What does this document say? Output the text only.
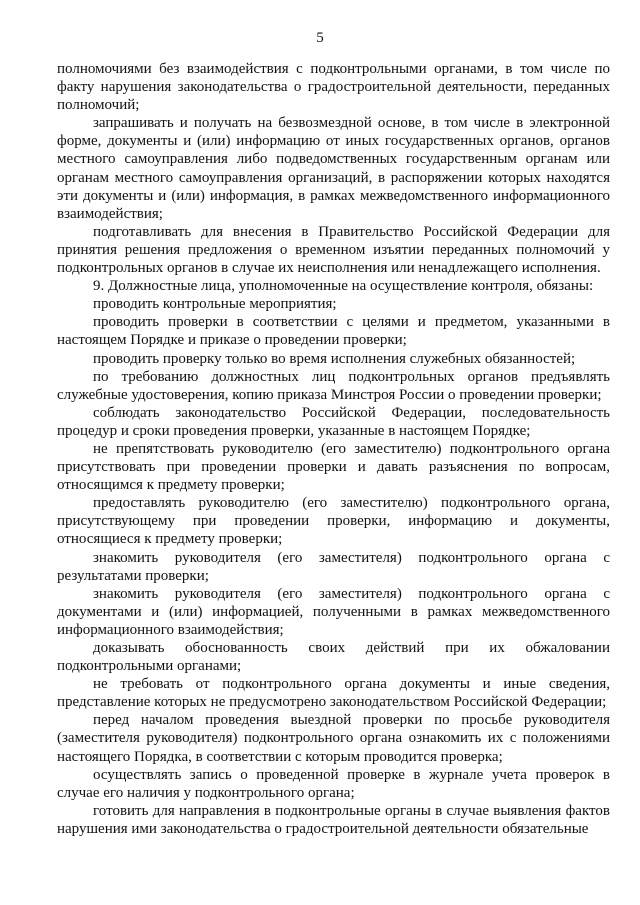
5

полномочиями без взаимодействия с подконтрольными органами, в том числе по факту нарушения законодательства о градостроительной деятельности, переданных полномочий;

запрашивать и получать на безвозмездной основе, в том числе в электронной форме, документы и (или) информацию от иных государственных органов, органов местного самоуправления либо подведомственных государственным органам или органам местного самоуправления организаций, в распоряжении которых находятся эти документы и (или) информация, в рамках межведомственного информационного взаимодействия;

подготавливать для внесения в Правительство Российской Федерации для принятия решения предложения о временном изъятии переданных полномочий у подконтрольных органов в случае их неисполнения или ненадлежащего исполнения.

9. Должностные лица, уполномоченные на осуществление контроля, обязаны:

проводить контрольные мероприятия;

проводить проверки в соответствии с целями и предметом, указанными в настоящем Порядке и приказе о проведении проверки;

проводить проверку только во время исполнения служебных обязанностей;

по требованию должностных лиц подконтрольных органов предъявлять служебные удостоверения, копию приказа Минстроя России о проведении проверки;

соблюдать законодательство Российской Федерации, последовательность процедур и сроки проведения проверки, указанные в настоящем Порядке;

не препятствовать руководителю (его заместителю) подконтрольного органа присутствовать при проведении проверки и давать разъяснения по вопросам, относящимся к предмету проверки;

предоставлять руководителю (его заместителю) подконтрольного органа, присутствующему при проведении проверки, информацию и документы, относящиеся к предмету проверки;

знакомить руководителя (его заместителя) подконтрольного органа с результатами проверки;

знакомить руководителя (его заместителя) подконтрольного органа с документами и (или) информацией, полученными в рамках межведомственного информационного взаимодействия;

доказывать обоснованность своих действий при их обжаловании подконтрольными органами;

не требовать от подконтрольного органа документы и иные сведения, представление которых не предусмотрено законодательством Российской Федерации;

перед началом проведения выездной проверки по просьбе руководителя (заместителя руководителя) подконтрольного органа ознакомить их с положениями настоящего Порядка, в соответствии с которым проводится проверка;

осуществлять запись о проведенной проверке в журнале учета проверок в случае его наличия у подконтрольного органа;

готовить для направления в подконтрольные органы в случае выявления фактов нарушения ими законодательства о градостроительной деятельности обязательные
